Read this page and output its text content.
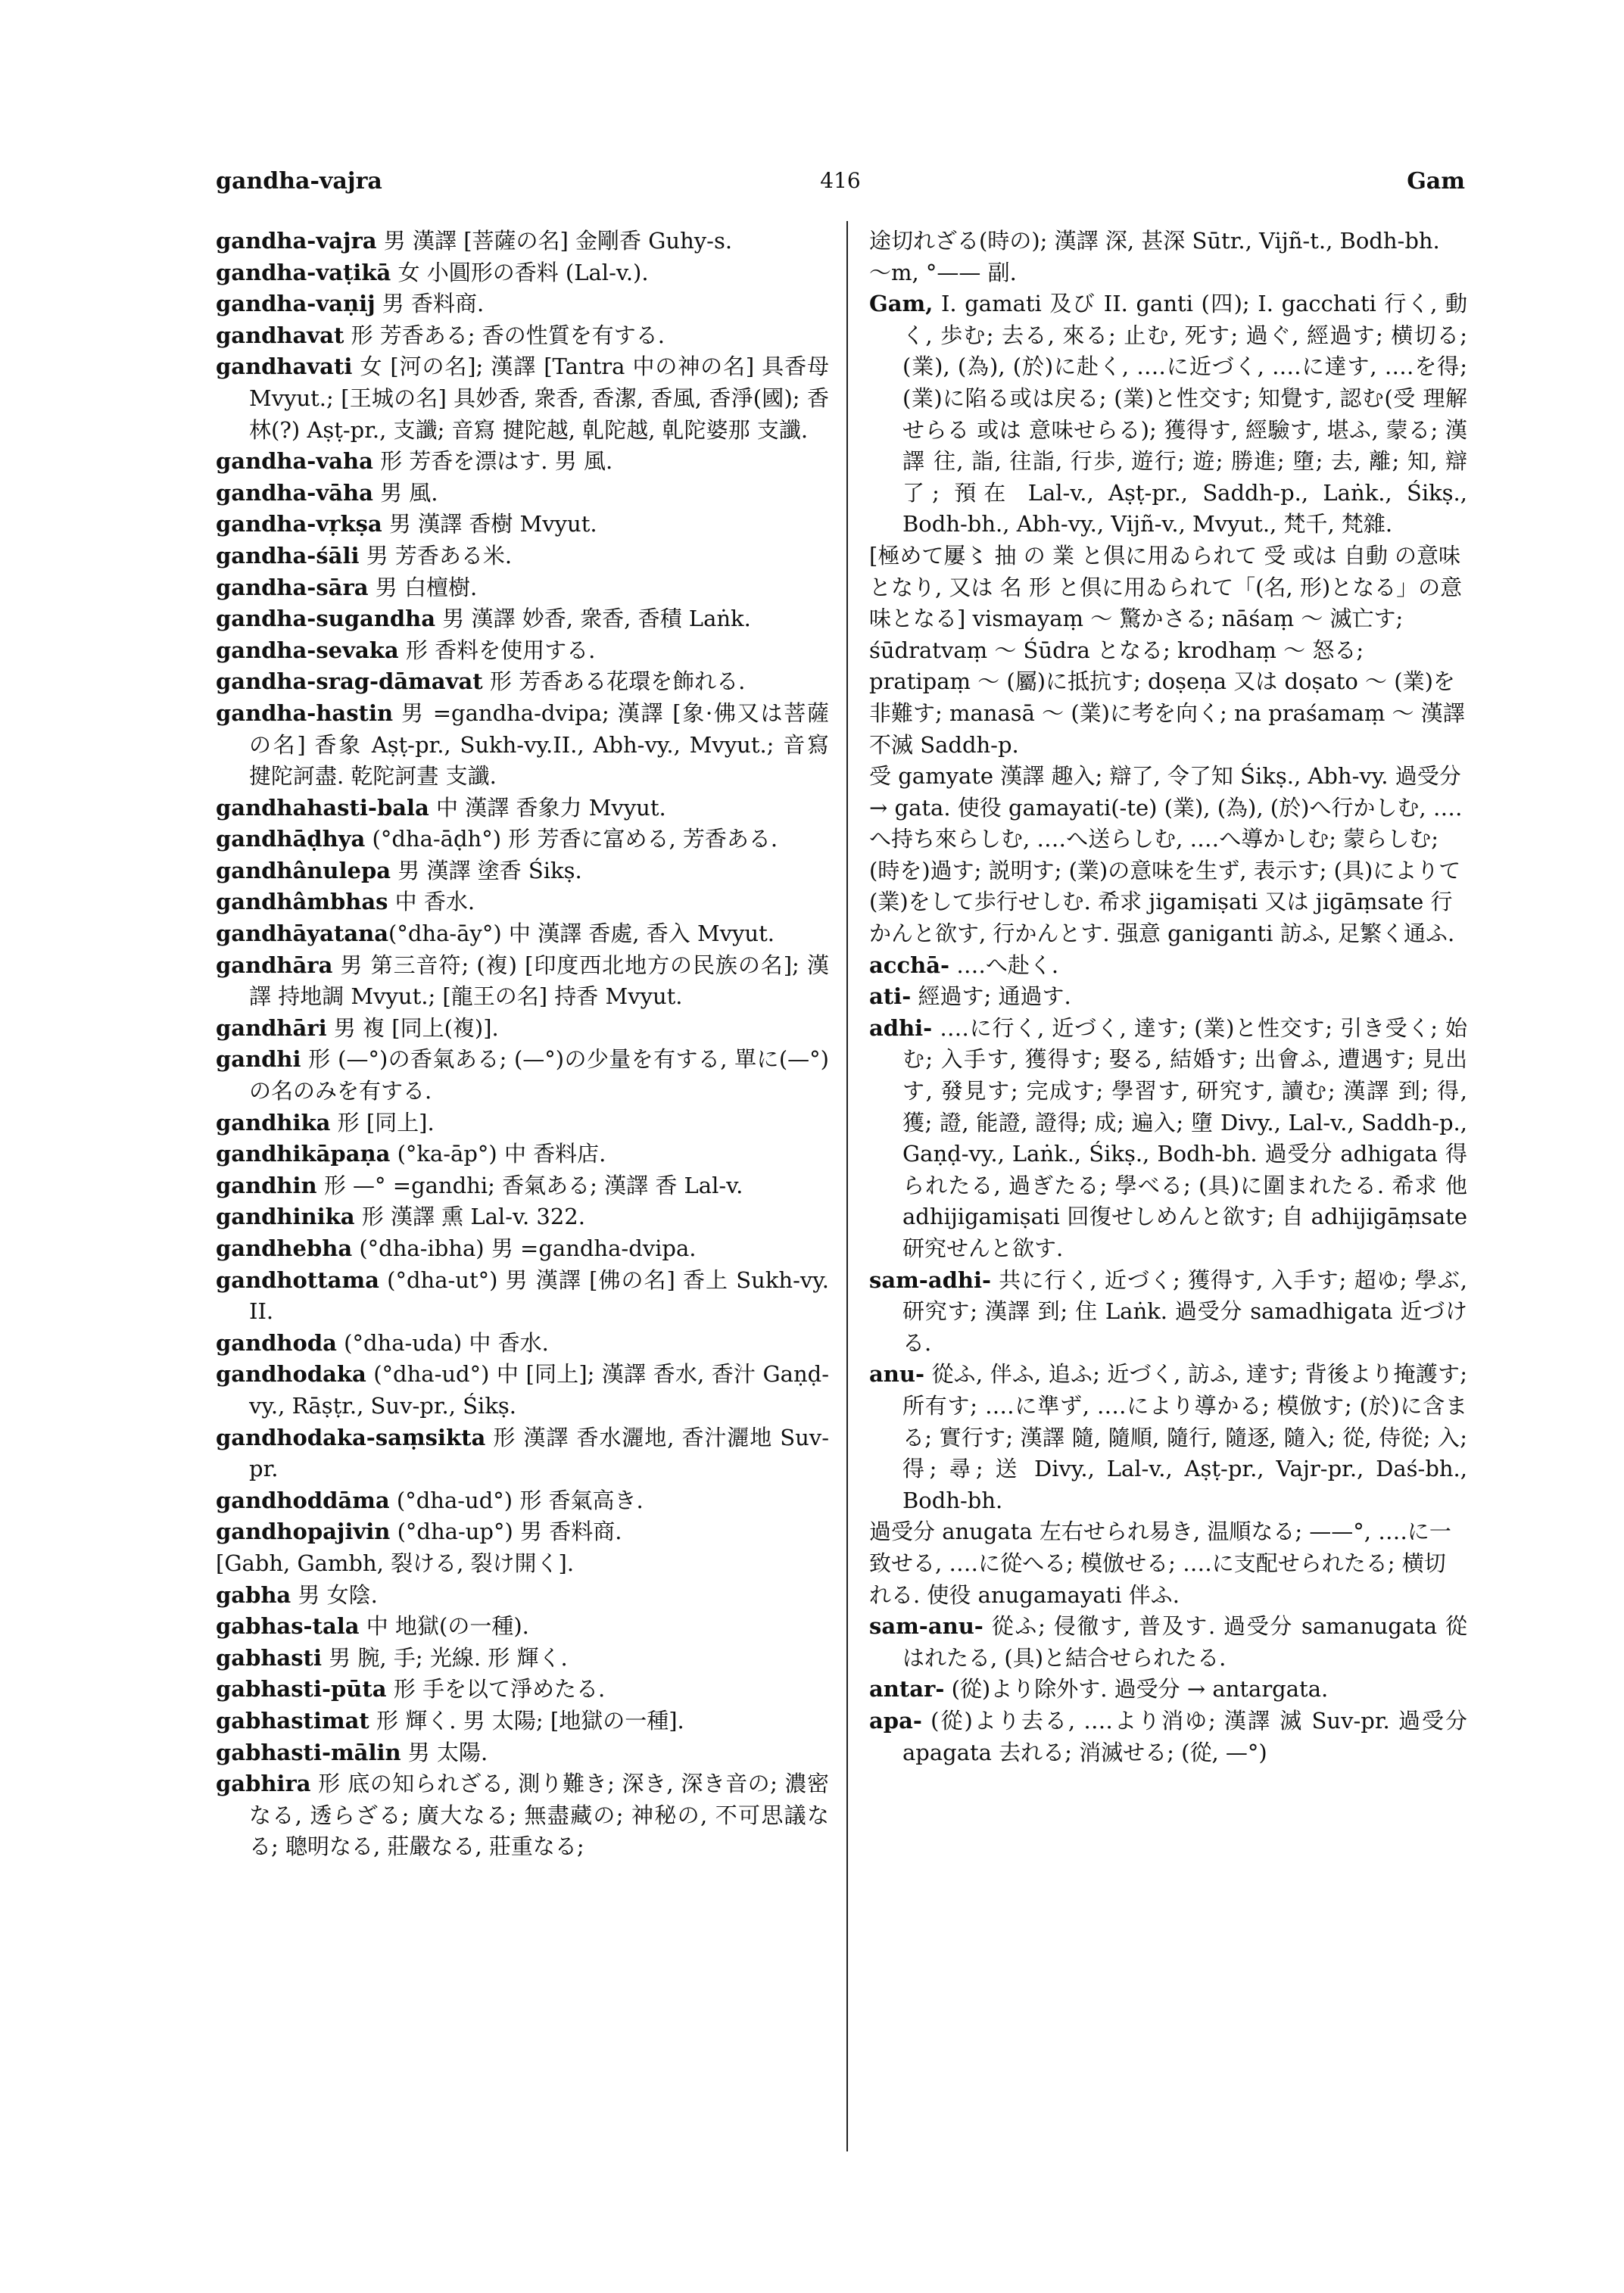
gandha-vajra	416	Gam

gandha-vajra 男 漢譯 [菩薩の名] 金剛香 Guhy-s.

gandha-vaṭikā 女 小圓形の香料 (Lal-v.).

gandha-vaṇij 男 香料商.

gandhavat 形 芳香ある; 香の性質を有する.

gandhavati 女 [河の名]; 漢譯 [Tantra 中の神の名] 具香母 Mvyut.; [王城の名] 具妙香, 衆香, 香潔, 香風, 香淨(國); 香林(?) Aṣṭ-pr., 支讖; 音寫 揵陀越, 乹陀越, 乹陀婆那 支讖.

gandha-vaha 形 芳香を漂はす. 男 風.

gandha-vāha 男 風.

gandha-vṛkṣa 男 漢譯 香樹 Mvyut.

gandha-śāli 男 芳香ある米.

gandha-sāra 男 白檀樹.

gandha-sugandha 男 漢譯 妙香, 衆香, 香積 Laṅk.

gandha-sevaka 形 香料を使用する.

gandha-srag-dāmavat 形 芳香ある花環を飾れる.

gandha-hastin 男 =gandha-dvipa; 漢譯 [象·佛又は菩薩の名] 香象 Aṣṭ-pr., Sukh-vy.II., Abh-vy., Mvyut.; 音寫 揵陀訶盡. 乾陀訶晝 支讖.

gandhahasti-bala 中 漢譯 香象力 Mvyut.

gandhāḍhya (°dha-āḍh°) 形 芳香に富める, 芳香ある.

gandhânulepa 男 漢譯 塗香 Śikṣ.

gandhâmbhas 中 香水.

gandhāyatana(°dha-āy°) 中 漢譯 香處, 香入 Mvyut.

gandhāra 男 第三音符; (複) [印度西北地方の民族の名]; 漢譯 持地調 Mvyut.; [龍王の名] 持香 Mvyut.

gandhāri 男 複 [同上(複)].

gandhi 形 (—°)の香氣ある; (—°)の少量を有する, 單に(—°)の名のみを有する.

gandhika 形 [同上].

gandhikāpaṇa (°ka-āp°) 中 香料店.

gandhin 形 —° =gandhi; 香氣ある; 漢譯 香 Lal-v.

gandhinika 形 漢譯 熏 Lal-v. 322.

gandhebha (°dha-ibha) 男 =gandha-dvipa.

gandhottama (°dha-ut°) 男 漢譯 [佛の名] 香上 Sukh-vy. II.

gandhoda (°dha-uda) 中 香水.

gandhodaka (°dha-ud°) 中 [同上]; 漢譯 香水, 香汁 Gaṇḍ-vy., Rāṣṭr., Suv-pr., Śikṣ.

gandhodaka-saṃsikta 形 漢譯 香水灑地, 香汁灑地 Suv-pr.

gandhoddāma (°dha-ud°) 形 香氣高き.

gandhopajivin (°dha-up°) 男 香料商.

[Gabh, Gambh, 裂ける, 裂け開く].

gabha 男 女陰.

gabhas-tala 中 地獄(の一種).

gabhasti 男 腕, 手; 光線. 形 輝く.

gabhasti-pūta 形 手を以て淨めたる.

gabhastimat 形 輝く. 男 太陽; [地獄の一種].

gabhasti-mālin 男 太陽.

gabhira 形 底の知られざる, 測り難き; 深き, 深き音の; 濃密なる, 透らざる; 廣大なる; 無盡藏の; 神秘の, 不可思議なる; 聰明なる, 莊嚴なる, 莊重なる;

途切れざる(時の); 漢譯 深, 甚深 Sūtr., Vijñ-t., Bodh-bh. ～m, °—— 副.

Gam, I. gamati 及び II. ganti (四); I. gacchati 行く, 動く, 歩む; 去る, 來る; 止む, 死す; 過ぐ, 經過す; 横切る; (業), (為), (於)に赴く, ‥‥に近づく, ‥‥に達す, ‥‥を得; (業)に陷る或は戻る; (業)と性交す; 知覺す, 認む(受 理解せらる 或は 意味せらる); 獲得す, 經驗す, 堪ふ, 蒙る; 漢譯 往, 詣, 往詣, 行歩, 遊行; 遊; 勝進; 墮; 去, 離; 知, 辯了; 預在 Lal-v., Aṣṭ-pr., Saddh-p., Laṅk., Śikṣ., Bodh-bh., Abh-vy., Vijñ-v., Mvyut., 梵千, 梵雜.

[極めて屢〻 抽 の 業 と倶に用ゐられて 受 或は 自動 の意味となり, 又は 名 形 と倶に用ゐられて「(名, 形)となる」の意味となる] vismayaṃ ～ 驚かさる; nāśaṃ ～ 滅亡す; śūdratvaṃ ～ Śūdra となる; krodhaṃ ～ 怒る; pratipaṃ ～ (屬)に抵抗す; doṣeṇa 又は doṣato ～ (業)を非難す; manasā ～ (業)に考を向く; na praśamaṃ ～ 漢譯 不滅 Saddh-p.

受 gamyate 漢譯 趣入; 辯了, 令了知 Śikṣ., Abh-vy. 過受分 → gata. 使役 gamayati(-te) (業), (為), (於)へ行かしむ, ‥‥へ持ち來らしむ, ‥‥へ送らしむ, ‥‥へ導かしむ; 蒙らしむ; (時を)過す; 説明す; (業)の意味を生ず, 表示す; (具)によりて(業)をして歩行せしむ. 希求 jigamiṣati 又は jigāṃsate 行かんと欲す, 行かんとす. 强意 ganiganti 訪ふ, 足繁く通ふ.

acchā- ‥‥へ赴く.

ati- 經過す; 通過す.

adhi- ‥‥に行く, 近づく, 達す; (業)と性交す; 引き受く; 始む; 入手す, 獲得す; 娶る, 結婚す; 出會ふ, 遭遇す; 見出す, 發見す; 完成す; 學習す, 研究す, 讀む; 漢譯 到; 得, 獲; 證, 能證, 證得; 成; 遍入; 墮 Divy., Lal-v., Saddh-p., Gaṇḍ-vy., Laṅk., Śikṣ., Bodh-bh. 過受分 adhigata 得られたる, 過ぎたる; 學べる; (具)に圍まれたる. 希求 他 adhijigamiṣati 回復せしめんと欲す; 自 adhijigāṃsate 研究せんと欲す.

sam-adhi- 共に行く, 近づく; 獲得す, 入手す; 超ゆ; 學ぶ, 研究す; 漢譯 到; 住 Laṅk. 過受分 samadhigata 近づける.

anu- 從ふ, 伴ふ, 追ふ; 近づく, 訪ふ, 達す; 背後より掩護す; 所有す; ‥‥に準ず, ‥‥により導かる; 模倣す; (於)に含まる; 實行す; 漢譯 隨, 隨順, 隨行, 隨逐, 隨入; 從, 侍從; 入; 得; 尋; 送 Divy., Lal-v., Aṣṭ-pr., Vajr-pr., Daś-bh., Bodh-bh.

過受分 anugata 左右せられ易き, 温順なる; ——°, ‥‥に一致せる, ‥‥に從へる; 模倣せる; ‥‥に支配せられたる; 横切れる. 使役 anugamayati 伴ふ.

sam-anu- 從ふ; 侵徹す, 普及す. 過受分 samanugata 從はれたる, (具)と結合せられたる.

antar- (從)より除外す. 過受分 → antargata.

apa- (從)より去る, ‥‥より消ゆ; 漢譯 滅 Suv-pr. 過受分 apagata 去れる; 消滅せる; (從, —°)
